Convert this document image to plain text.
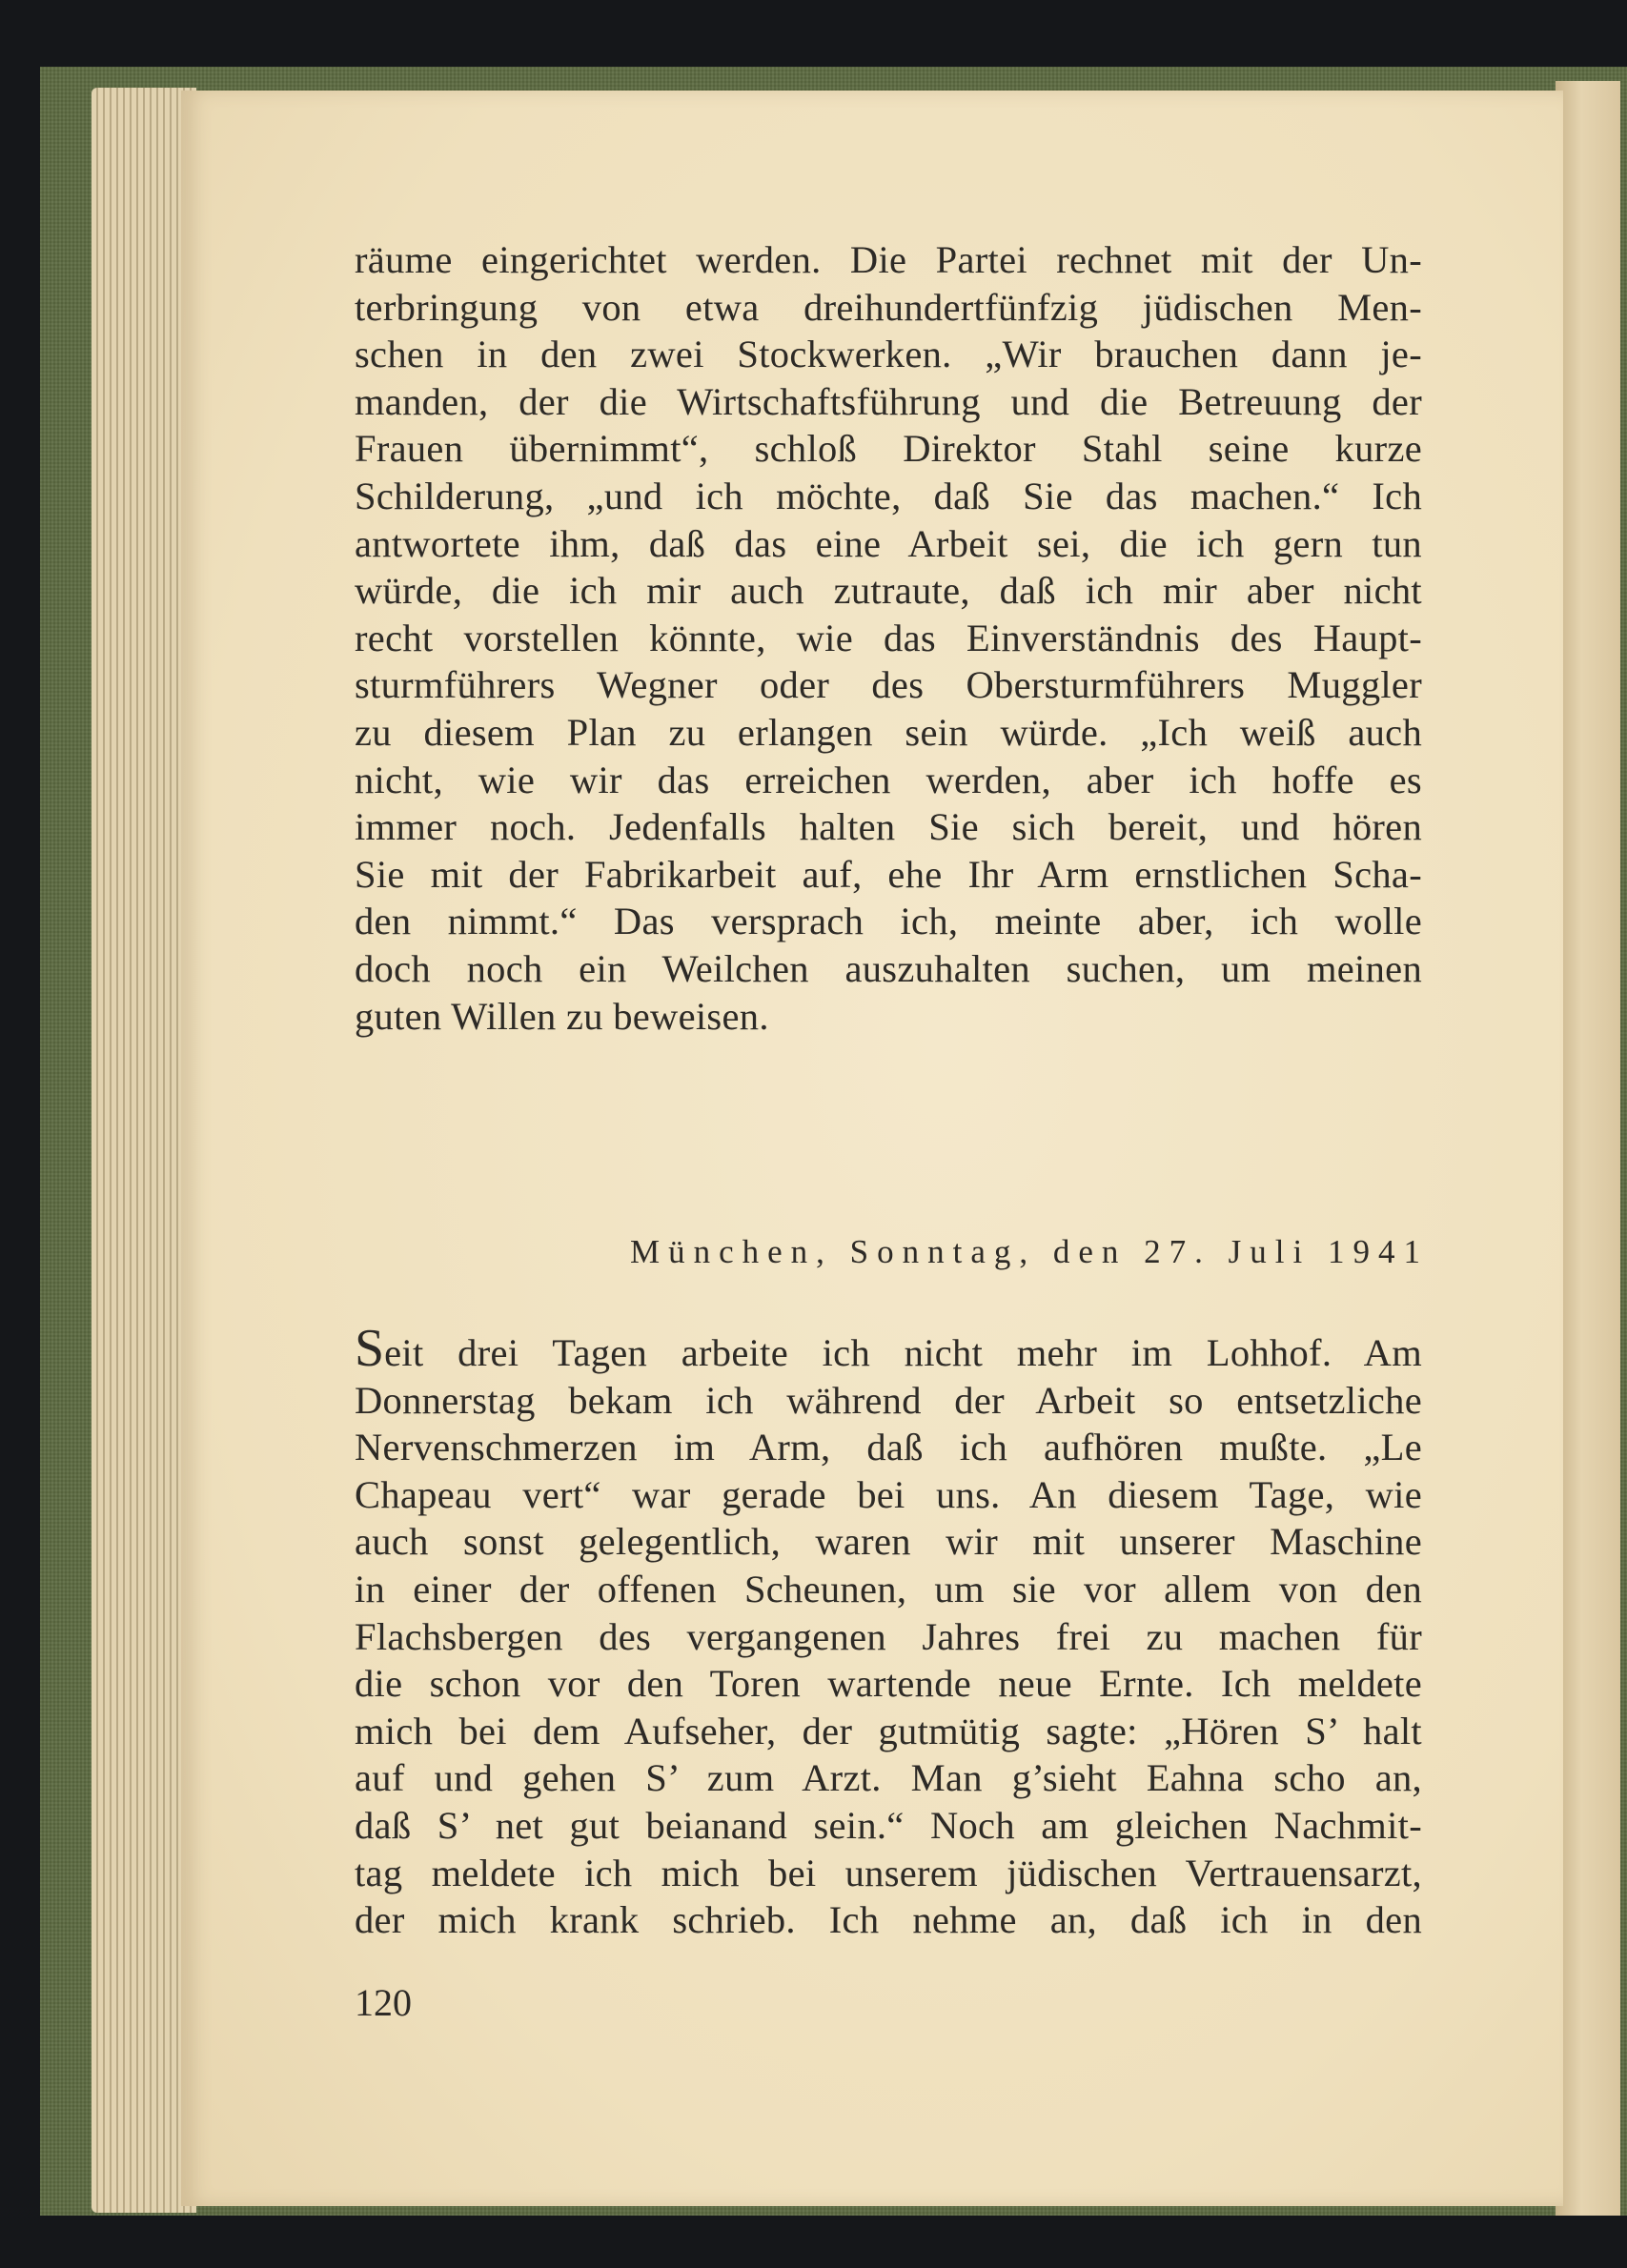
räume eingerichtet werden. Die Partei rechnet mit der Un-
terbringung von etwa dreihundertfünfzig jüdischen Men-
schen in den zwei Stockwerken. „Wir brauchen dann je-
manden, der die Wirtschaftsführung und die Betreuung der
Frauen übernimmt“, schloß Direktor Stahl seine kurze
Schilderung, „und ich möchte, daß Sie das machen.“ Ich
antwortete ihm, daß das eine Arbeit sei, die ich gern tun
würde, die ich mir auch zutraute, daß ich mir aber nicht
recht vorstellen könnte, wie das Einverständnis des Haupt-
sturmführers Wegner oder des Obersturmführers Muggler
zu diesem Plan zu erlangen sein würde. „Ich weiß auch
nicht, wie wir das erreichen werden, aber ich hoffe es
immer noch. Jedenfalls halten Sie sich bereit, und hören
Sie mit der Fabrikarbeit auf, ehe Ihr Arm ernstlichen Scha-
den nimmt.“ Das versprach ich, meinte aber, ich wolle
doch noch ein Weilchen auszuhalten suchen, um meinen
guten Willen zu beweisen.
München, Sonntag, den 27. Juli 1941
Seit drei Tagen arbeite ich nicht mehr im Lohhof. Am
Donnerstag bekam ich während der Arbeit so entsetzliche
Nervenschmerzen im Arm, daß ich aufhören mußte. „Le
Chapeau vert“ war gerade bei uns. An diesem Tage, wie
auch sonst gelegentlich, waren wir mit unserer Maschine
in einer der offenen Scheunen, um sie vor allem von den
Flachsbergen des vergangenen Jahres frei zu machen für
die schon vor den Toren wartende neue Ernte. Ich meldete
mich bei dem Aufseher, der gutmütig sagte: „Hören S’ halt
auf und gehen S’ zum Arzt. Man g’sieht Eahna scho an,
daß S’ net gut beianand sein.“ Noch am gleichen Nachmit-
tag meldete ich mich bei unserem jüdischen Vertrauensarzt,
der mich krank schrieb. Ich nehme an, daß ich in den
120
